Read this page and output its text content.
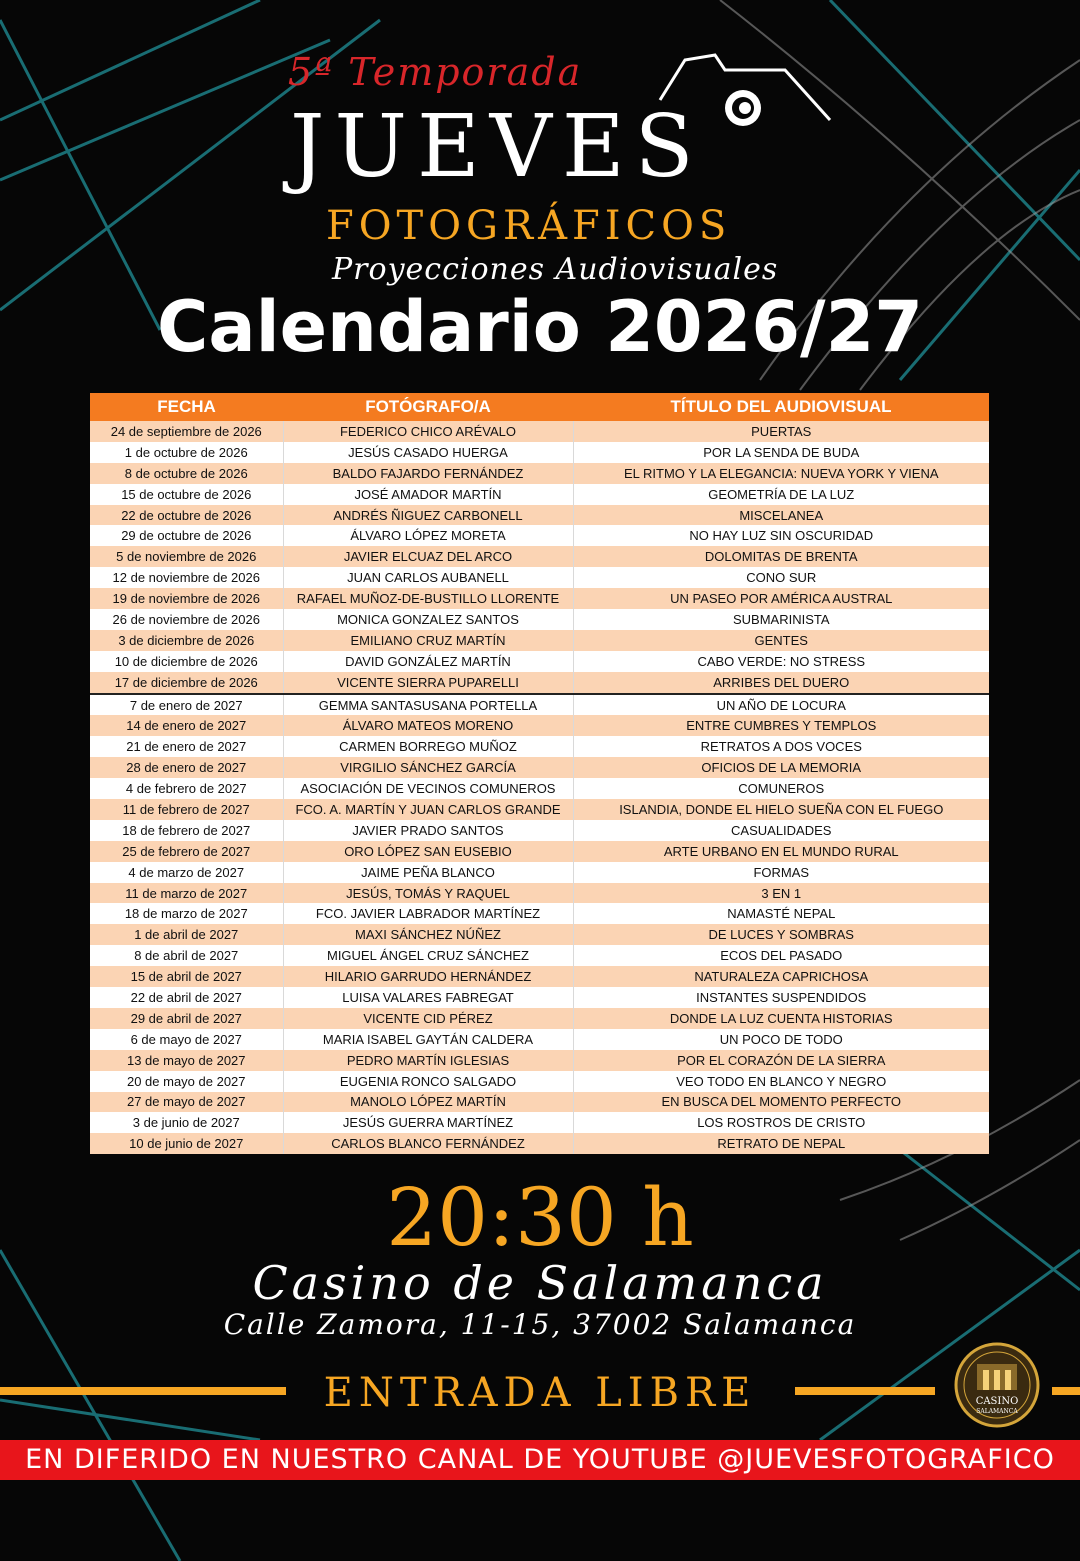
5ª Temporada
JUEVES
FOTOGRÁFICOS
Proyecciones Audiovisuales
Calendario 2026/27
FECHA	FOTÓGRAFO/A	TÍTULO DEL AUDIOVISUAL
24 de septiembre de 2026	FEDERICO CHICO ARÉVALO	PUERTAS
1 de octubre de 2026	JESÚS CASADO HUERGA	POR LA SENDA DE BUDA
8 de octubre de 2026	BALDO FAJARDO FERNÁNDEZ	EL RITMO Y LA ELEGANCIA: NUEVA YORK Y VIENA
15 de octubre de 2026	JOSÉ AMADOR MARTÍN	GEOMETRÍA DE LA LUZ
22 de octubre de 2026	ANDRÉS ÑIGUEZ CARBONELL	MISCELANEA
29 de octubre de 2026	ÁLVARO LÓPEZ MORETA	NO HAY LUZ SIN OSCURIDAD
5 de noviembre de 2026	JAVIER ELCUAZ DEL ARCO	DOLOMITAS DE BRENTA
12 de noviembre de 2026	JUAN CARLOS AUBANELL	CONO SUR
19 de noviembre de 2026	RAFAEL MUÑOZ-DE-BUSTILLO LLORENTE	UN PASEO POR AMÉRICA AUSTRAL
26 de noviembre de 2026	MONICA GONZALEZ SANTOS	SUBMARINISTA
3 de diciembre de 2026	EMILIANO CRUZ MARTÍN	GENTES
10 de diciembre de 2026	DAVID GONZÁLEZ MARTÍN	CABO VERDE: NO STRESS
17 de diciembre de 2026	VICENTE SIERRA PUPARELLI	ARRIBES DEL DUERO
7 de enero de 2027	GEMMA SANTASUSANA PORTELLA	UN AÑO DE LOCURA
14 de enero de 2027	ÁLVARO MATEOS MORENO	ENTRE CUMBRES Y TEMPLOS
21 de enero de 2027	CARMEN BORREGO MUÑOZ	RETRATOS A DOS VOCES
28 de enero de 2027	VIRGILIO SÁNCHEZ GARCÍA	OFICIOS DE LA MEMORIA
4 de febrero de 2027	ASOCIACIÓN DE VECINOS COMUNEROS	COMUNEROS
11 de febrero de 2027	FCO. A. MARTÍN Y JUAN CARLOS GRANDE	ISLANDIA, DONDE EL HIELO SUEÑA CON EL FUEGO
18 de febrero de 2027	JAVIER PRADO SANTOS	CASUALIDADES
25 de febrero de 2027	ORO LÓPEZ SAN EUSEBIO	ARTE URBANO EN EL MUNDO RURAL
4 de marzo de 2027	JAIME PEÑA BLANCO	FORMAS
11 de marzo de 2027	JESÚS, TOMÁS Y RAQUEL	3 EN 1
18 de marzo de 2027	FCO. JAVIER LABRADOR MARTÍNEZ	NAMASTÉ NEPAL
1 de abril de 2027	MAXI SÁNCHEZ NÚÑEZ	DE LUCES Y SOMBRAS
8 de abril de 2027	MIGUEL ÁNGEL CRUZ SÁNCHEZ	ECOS DEL PASADO
15 de abril de 2027	HILARIO GARRUDO HERNÁNDEZ	NATURALEZA CAPRICHOSA
22 de abril de 2027	LUISA VALARES FABREGAT	INSTANTES SUSPENDIDOS
29 de abril de 2027	VICENTE CID PÉREZ	DONDE LA LUZ CUENTA HISTORIAS
6 de mayo de 2027	MARIA ISABEL GAYTÁN CALDERA	UN POCO DE TODO
13 de mayo de 2027	PEDRO MARTÍN IGLESIAS	POR EL CORAZÓN DE LA SIERRA
20 de mayo de 2027	EUGENIA RONCO SALGADO	VEO TODO EN BLANCO Y NEGRO
27 de mayo de 2027	MANOLO LÓPEZ MARTÍN	EN BUSCA DEL MOMENTO PERFECTO
3 de junio de 2027	JESÚS GUERRA MARTÍNEZ	LOS ROSTROS DE CRISTO
10 de junio de 2027	CARLOS BLANCO FERNÁNDEZ	RETRATO DE NEPAL
20:30 h
Casino de Salamanca
Calle Zamora, 11-15, 37002 Salamanca
ENTRADA LIBRE	CASINO
SALAMANCA
EN DIFERIDO EN NUESTRO CANAL DE YOUTUBE @JUEVESFOTOGRAFICO
